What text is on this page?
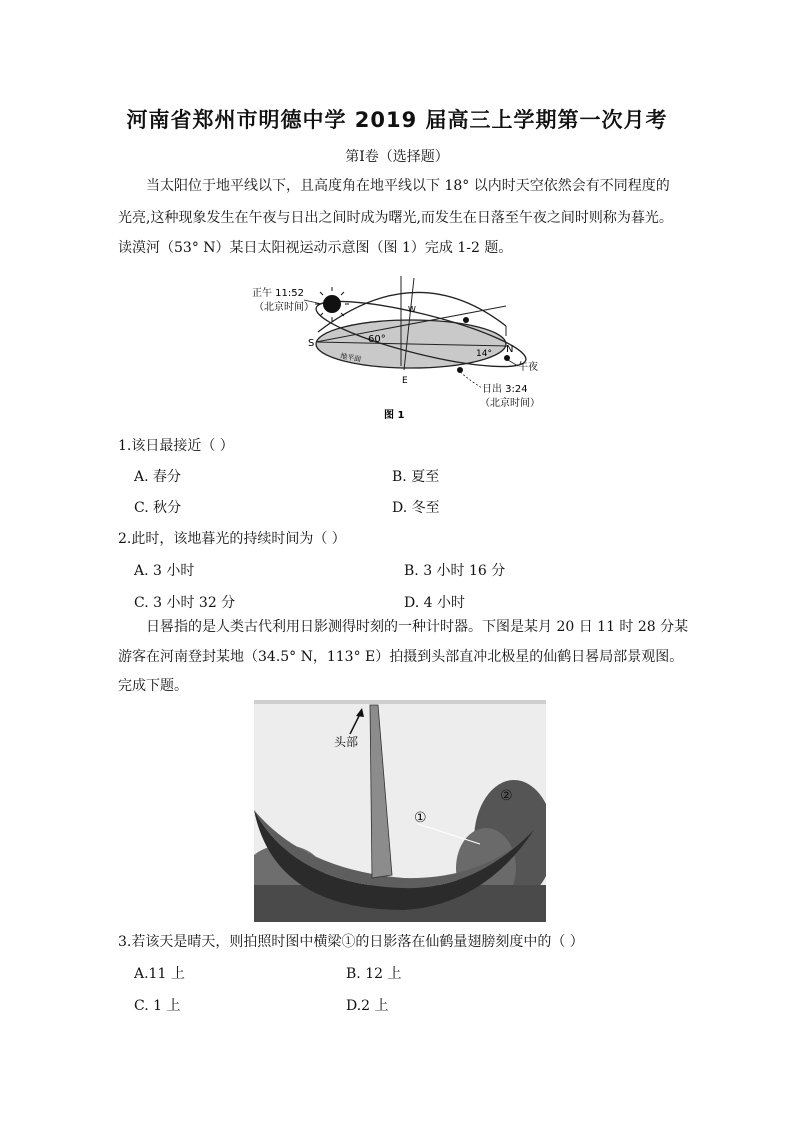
河南省郑州市明德中学 2019 届高三上学期第一次月考
第Ⅰ卷（选择题）
当太阳位于地平线以下，且高度角在地平线以下 18° 以内时天空依然会有不同程度的
光亮,这种现象发生在午夜与日出之间时成为曙光,而发生在日落至午夜之间时则称为暮光。
读漠河（53° N）某日太阳视运动示意图（图 1）完成 1-2 题。
正午 11:52
（北京时间）
S
N
E
W
60°
14°
地平面
午夜
日出 3:24
（北京时间）
图 1
1.该日最接近（ ）
A. 春分	B. 夏至
C. 秋分	D. 冬至
2.此时，该地暮光的持续时间为（ ）
A. 3 小时	B. 3 小时 16 分
C. 3 小时 32 分	D. 4 小时
日晷指的是人类古代利用日影测得时刻的一种计时器。下图是某月 20 日 11 时 28 分某
游客在河南登封某地（34.5° N，113° E）拍摄到头部直冲北极星的仙鹤日晷局部景观图。
完成下题。
头部
①
②
3.若该天是晴天，则拍照时图中横梁①的日影落在仙鹤量翅膀刻度中的（ ）
A.11 上	B. 12 上
C. 1 上	D.2 上
